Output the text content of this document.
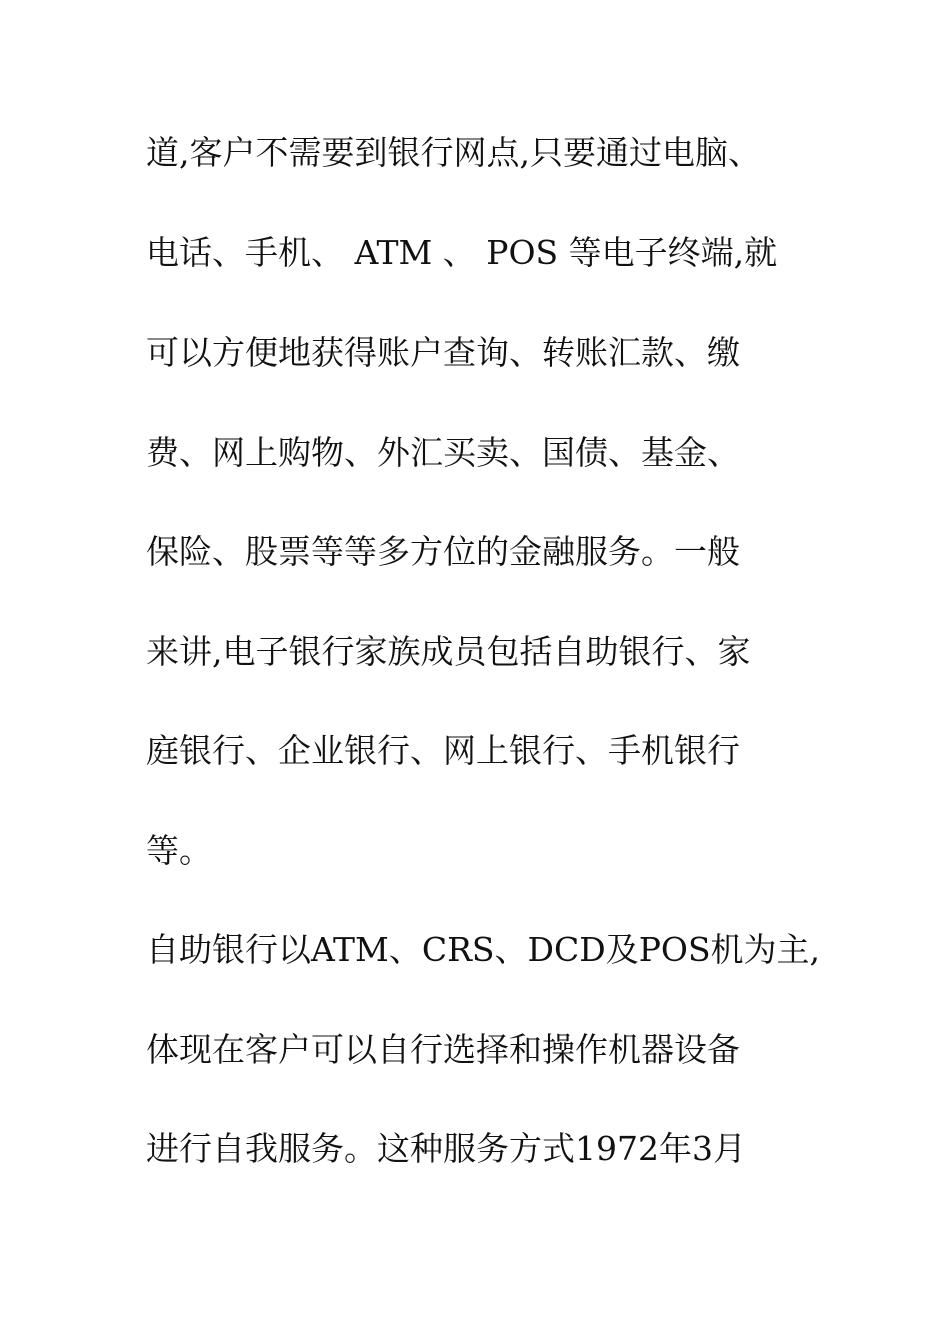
道,客户不需要到银行网点,只要通过电脑、
电话、手机、 ATM 、 POS 等电子终端,就
可以方便地获得账户查询、转账汇款、缴
费、网上购物、外汇买卖、国债、基金、
保险、股票等等多方位的金融服务。一般
来讲,电子银行家族成员包括自助银行、家
庭银行、企业银行、网上银行、手机银行
等。
自助银行以ATM、CRS、DCD及POS机为主,
体现在客户可以自行选择和操作机器设备
进行自我服务。这种服务方式1972年3月
